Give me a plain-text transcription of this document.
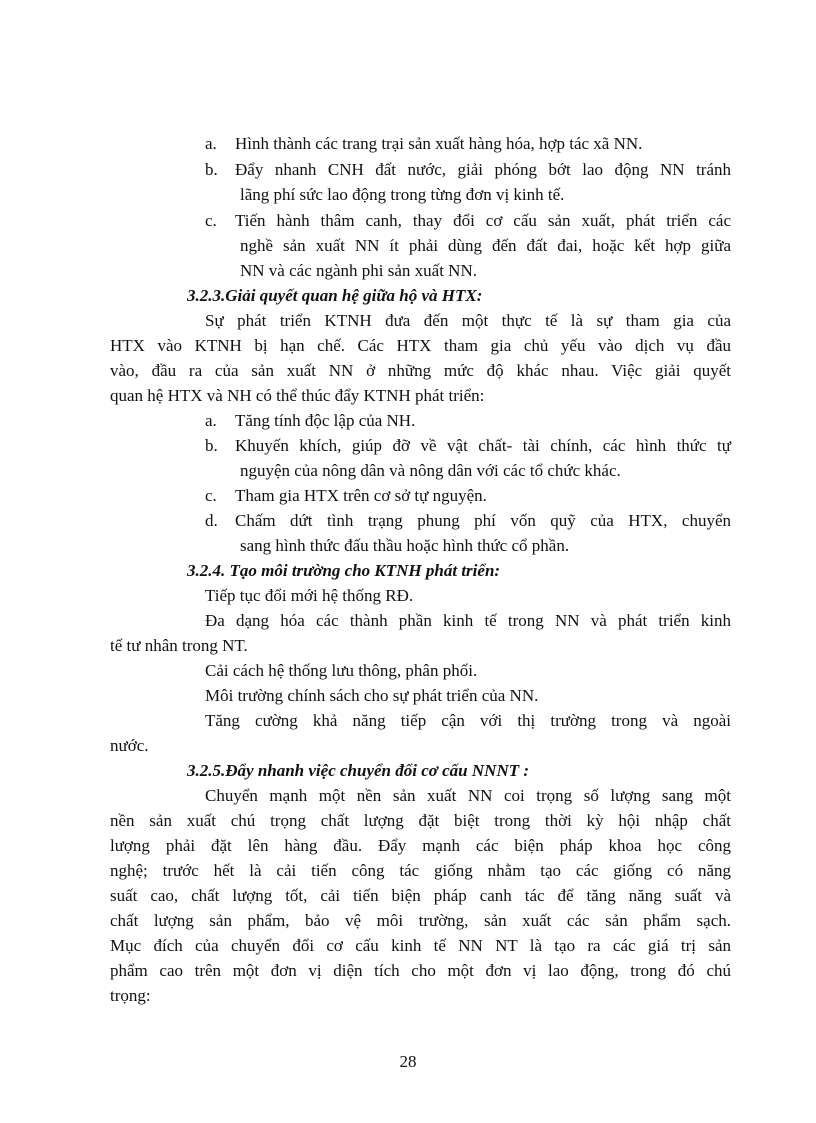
a. Hình thành các trang trại sản xuất hàng hóa, hợp tác xã NN.
b. Đẩy nhanh CNH đất nước, giải phóng bớt lao động NN tránh
lãng phí sức lao động trong từng đơn vị kinh tế.
c. Tiến hành thâm canh, thay đổi cơ cấu sản xuất, phát triển các
nghề sản xuất NN ít phải dùng đến đất đai, hoặc kết hợp giữa
NN và các ngành phi sản xuất NN.
3.2.3.Giải quyết quan hệ giữa hộ và HTX:
Sự phát triển KTNH đưa đến một thực tế là sự tham gia của
HTX vào KTNH bị hạn chế. Các HTX tham gia chủ yếu vào dịch vụ đầu
vào, đầu ra của sản xuất NN ở những mức độ khác nhau. Việc giải quyết
quan hệ HTX và NH có thể thúc đẩy KTNH phát triển:
a. Tăng tính độc lập của NH.
b. Khuyến khích, giúp đỡ về vật chất- tài chính, các hình thức tự
nguyện của nông dân và nông dân với các tổ chức khác.
c. Tham gia HTX trên cơ sở tự nguyện.
d. Chấm dứt tình trạng phung phí vốn quỹ của HTX, chuyển
sang hình thức đấu thầu hoặc hình thức cổ phần.
3.2.4. Tạo môi trường cho KTNH phát triển:
Tiếp tục đổi mới hệ thống RĐ.
Đa dạng hóa các thành phần kinh tế trong NN và phát triển kinh
tế tư nhân trong NT.
Cải cách hệ thống lưu thông, phân phối.
Môi trường chính sách cho sự phát triển của NN.
Tăng cường khả năng tiếp cận với thị trường trong và ngoài
nước.
3.2.5.Đẩy nhanh việc chuyển đổi cơ cấu NNNT :
Chuyển mạnh một nền sản xuất NN coi trọng số lượng sang một
nền sản xuất chú trọng chất lượng đặt biệt trong thời kỳ hội nhập chất
lượng phải đặt lên hàng đầu. Đẩy mạnh các biện pháp khoa học công
nghệ; trước hết là cải tiến công tác giống nhằm tạo các giống có năng
suất cao, chất lượng tốt, cải tiến biện pháp canh tác để tăng năng suất và
chất lượng sản phẩm, bảo vệ môi trường, sản xuất các sản phẩm sạch.
Mục đích của chuyển đổi cơ cấu kinh tế NN NT là tạo ra các giá trị sản
phẩm cao trên một đơn vị diện tích cho một đơn vị lao động, trong đó chú
trọng:
28
